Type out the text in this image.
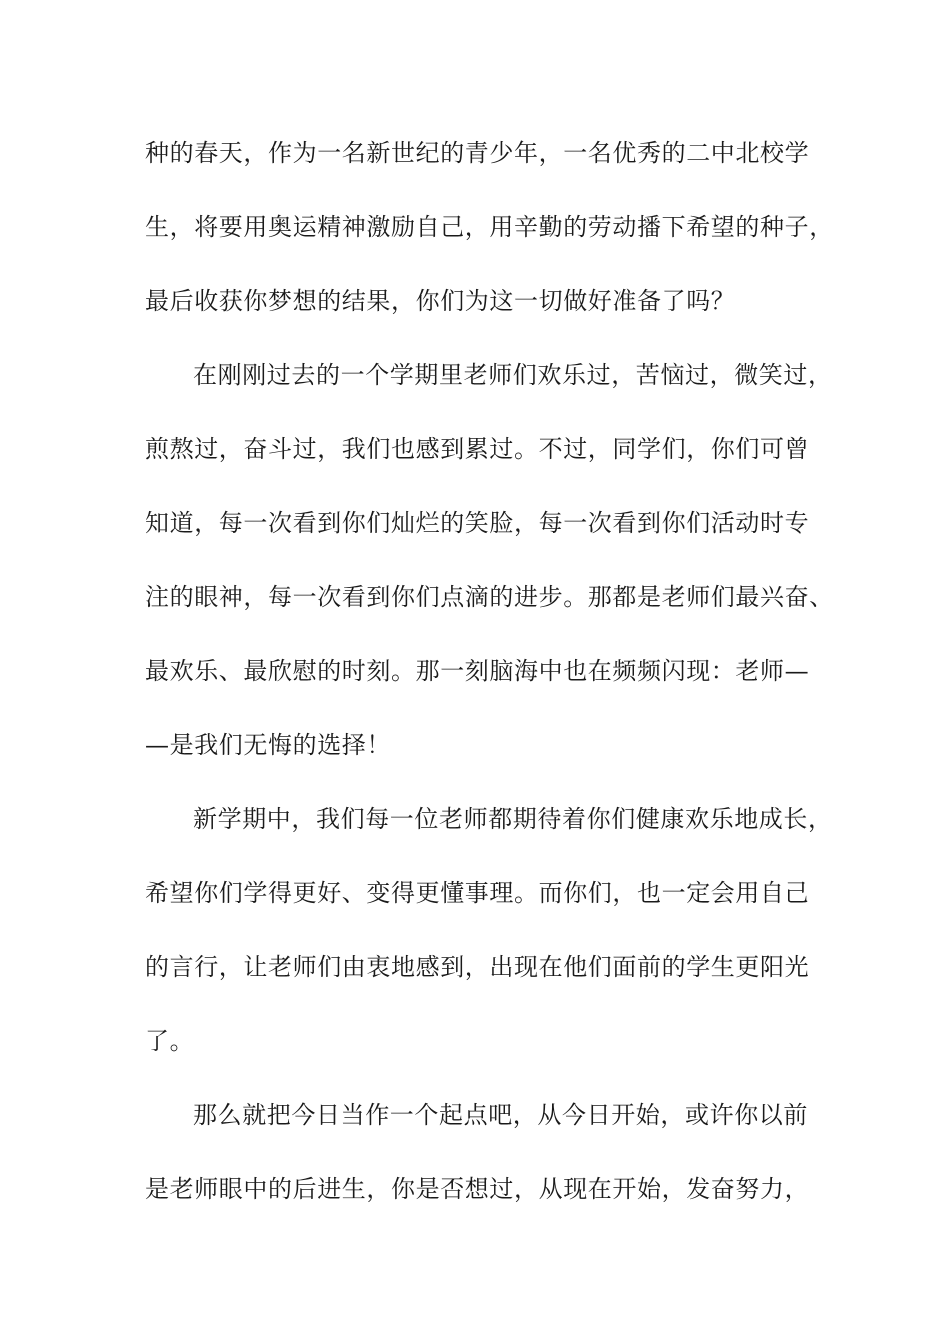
种的春天，作为一名新世纪的青少年，一名优秀的二中北校学
生，将要用奥运精神激励自己，用辛勤的劳动播下希望的种子，
最后收获你梦想的结果，你们为这一切做好准备了吗？
在刚刚过去的一个学期里老师们欢乐过，苦恼过，微笑过，
煎熬过，奋斗过，我们也感到累过。不过，同学们，你们可曾
知道，每一次看到你们灿烂的笑脸，每一次看到你们活动时专
注的眼神，每一次看到你们点滴的进步。那都是老师们最兴奋、
最欢乐、最欣慰的时刻。那一刻脑海中也在频频闪现：老师—
—是我们无悔的选择！
新学期中，我们每一位老师都期待着你们健康欢乐地成长，
希望你们学得更好、变得更懂事理。而你们，也一定会用自己
的言行，让老师们由衷地感到，出现在他们面前的学生更阳光
了。
那么就把今日当作一个起点吧，从今日开始，或许你以前
是老师眼中的后进生，你是否想过，从现在开始，发奋努力，
